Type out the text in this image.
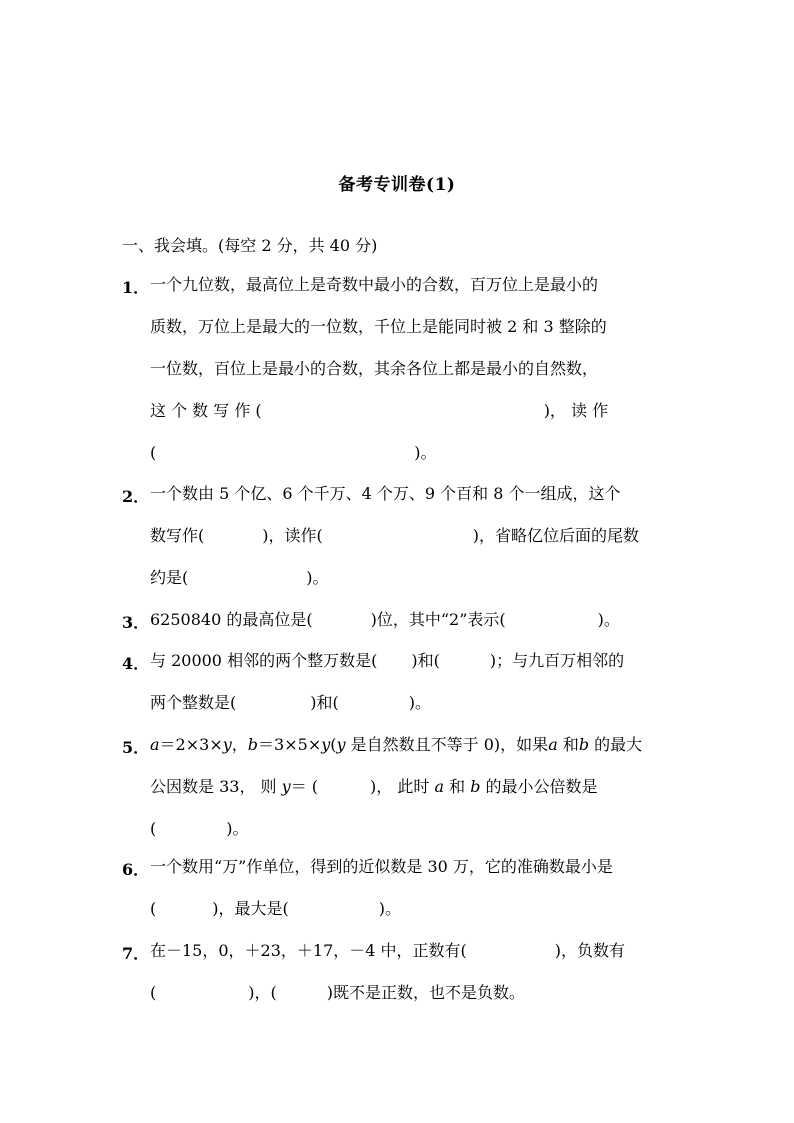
备考专训卷(1)
一、我会填。(每空 2 分，共 40 分)
1． 一个九位数，最高位上是奇数中最小的合数，百万位上是最小的
质数，万位上是最大的一位数，千位上是能同时被 2 和 3 整除的
一位数，百位上是最小的合数，其余各位上都是最小的自然数，
这 个 数 写 作 (	)， 读 作
(	)。
2． 一个数由 5 个亿、6 个千万、4 个万、9 个百和 8 个一组成，这个
数写作(	)，读作(	)，省略亿位后面的尾数
约是(	)。
3． 6250840 的最高位是(	)位，其中“2”表示(	)。
4． 与 20000 相邻的两个整万数是( )和(	)；与九百万相邻的
两个整数是(	)和(	)。
5． a＝2×3×y，b＝3×5×y(y 是自然数且不等于 0)，如果a 和b 的最大
公因数是 33， 则 y＝ (	)， 此时 a 和 b 的最小公倍数是
(	)。
6． 一个数用“万”作单位，得到的近似数是 30 万，它的准确数最小是
(	)，最大是(	)。
7． 在－15，0，＋23，＋17，－4 中，正数有(	)，负数有
(	)，(	)既不是正数，也不是负数。
